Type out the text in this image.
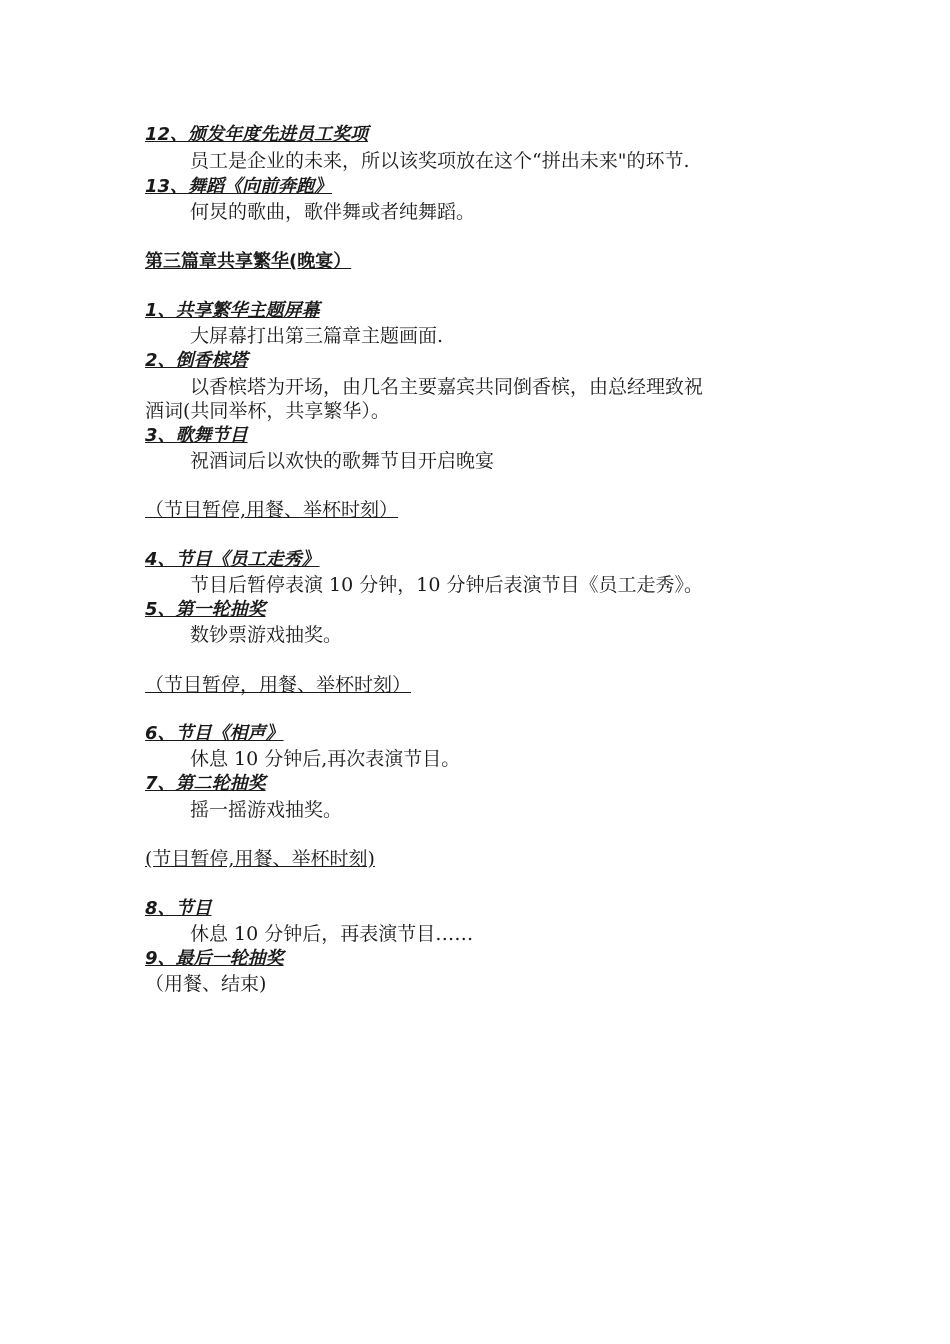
12、颁发年度先进员工奖项
员工是企业的未来，所以该奖项放在这个“拼出未来"的环节.
13、舞蹈《向前奔跑》
何炅的歌曲，歌伴舞或者纯舞蹈。
第三篇章共享繁华(晚宴）
1、共享繁华主题屏幕
大屏幕打出第三篇章主题画面.
2、倒香槟塔
以香槟塔为开场，由几名主要嘉宾共同倒香槟，由总经理致祝
酒词(共同举杯，共享繁华）。
3、歌舞节目
祝酒词后以欢快的歌舞节目开启晚宴
（节目暂停,用餐、举杯时刻）
4、节目《员工走秀》
节目后暂停表演 10 分钟，10 分钟后表演节目《员工走秀》。
5、第一轮抽奖
数钞票游戏抽奖。
（节目暂停，用餐、举杯时刻）
6、节目《相声》
休息 10 分钟后,再次表演节目。
7、第二轮抽奖
摇一摇游戏抽奖。
(节目暂停,用餐、举杯时刻)
8、节目
休息 10 分钟后，再表演节目……
9、最后一轮抽奖
（用餐、结束)
